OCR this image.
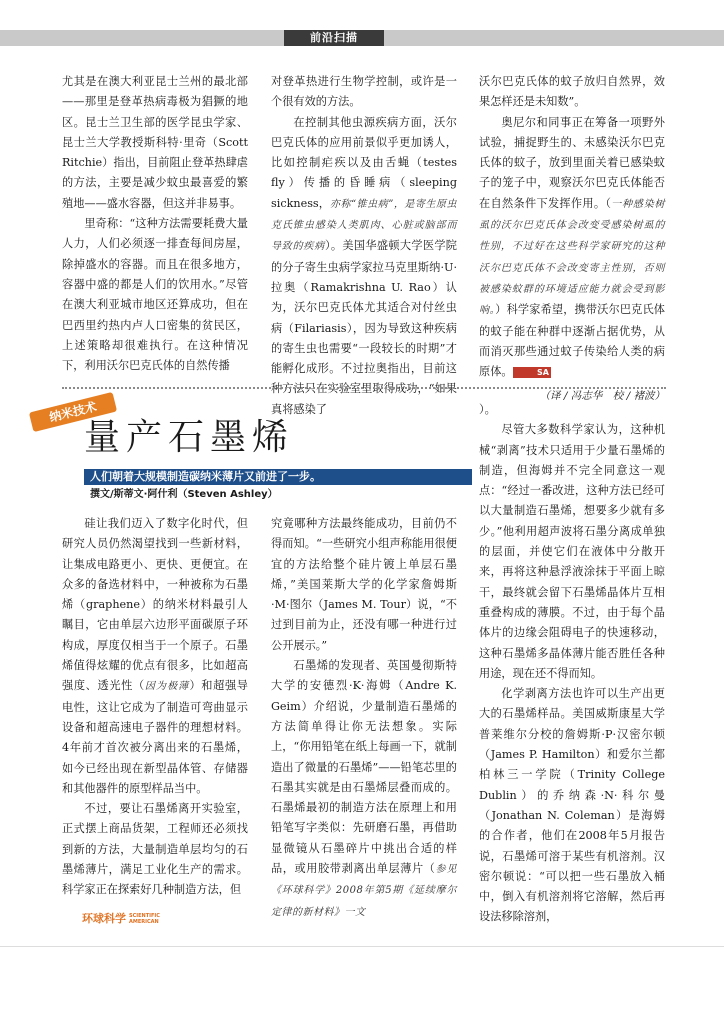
前沿扫描

尤其是在澳大利亚昆士兰州的最北部——那里是登革热病毒极为猖獗的地区。昆士兰卫生部的医学昆虫学家、昆士兰大学教授斯科特·里奇（Scott Ritchie）指出，目前阻止登革热肆虐的方法，主要是减少蚊虫最喜爱的繁殖地——盛水容器，但这并非易事。

里奇称：“这种方法需要耗费大量人力，人们必须逐一排查每间房屋，除掉盛水的容器。而且在很多地方，容器中盛的都是人们的饮用水。”尽管在澳大利亚城市地区还算成功，但在巴西里约热内卢人口密集的贫民区，上述策略却很难执行。在这种情况下，利用沃尔巴克氏体的自然传播

对登革热进行生物学控制，或许是一个很有效的方法。

在控制其他虫源疾病方面，沃尔巴克氏体的应用前景似乎更加诱人，比如控制疟疾以及由舌蝇（testes fly）传播的昏睡病（sleeping sickness，亦称“锥虫病”，是寄生原虫克氏锥虫感染人类肌肉、心脏或脑部而导致的疾病）。美国华盛顿大学医学院的分子寄生虫病学家拉马克里斯纳·U·拉奥（Ramakrishna U. Rao）认为，沃尔巴克氏体尤其适合对付丝虫病（Filariasis），因为导致这种疾病的寄生虫也需要“一段较长的时期”才能孵化成形。不过拉奥指出，目前这种方法只在实验室里取得成功，“如果真将感染了

沃尔巴克氏体的蚊子放归自然界，效果怎样还是未知数”。

奥尼尔和同事正在筹备一项野外试验，捕捉野生的、未感染沃尔巴克氏体的蚊子，放到里面关着已感染蚊子的笼子中，观察沃尔巴克氏体能否在自然条件下发挥作用。（一种感染树虱的沃尔巴克氏体会改变受感染树虱的性别，不过好在这些科学家研究的这种沃尔巴克氏体不会改变寄主性别，否则被感染蚊群的环境适应能力就会受到影响。）科学家希望，携带沃尔巴克氏体的蚊子能在种群中逐渐占据优势，从而消灭那些通过蚊子传染给人类的病原体。	SA

（译 / 冯志华　校 / 褚波）
纳米技术
量产石墨烯
人们朝着大规模制造碳纳米薄片又前进了一步。
撰文/斯蒂文·阿什利（Steven Ashley）

硅让我们迈入了数字化时代，但研究人员仍然渴望找到一些新材料，让集成电路更小、更快、更便宜。在众多的备选材料中，一种被称为石墨烯（graphene）的纳米材料最引人瞩目，它由单层六边形平面碳原子环构成，厚度仅相当于一个原子。石墨烯值得炫耀的优点有很多，比如超高强度、透光性（因为极薄）和超强导电性，这让它成为了制造可弯曲显示设备和超高速电子器件的理想材料。4年前才首次被分离出来的石墨烯，如今已经出现在新型晶体管、存储器和其他器件的原型样品当中。

不过，要让石墨烯离开实验室，正式摆上商品货架，工程师还必须找到新的方法，大量制造单层均匀的石墨烯薄片，满足工业化生产的需求。科学家正在探索好几种制造方法，但

究竟哪种方法最终能成功，目前仍不得而知。“一些研究小组声称能用很便宜的方法给整个硅片镀上单层石墨烯，”美国莱斯大学的化学家詹姆斯·M·图尔（James M. Tour）说，“不过到目前为止，还没有哪一种进行过公开展示。”

石墨烯的发现者、英国曼彻斯特大学的安德烈·K·海姆（Andre K. Geim）介绍说，少量制造石墨烯的方法简单得让你无法想象。实际上，“你用铅笔在纸上每画一下，就制造出了微量的石墨烯”——铅笔芯里的石墨其实就是由石墨烯层叠而成的。石墨烯最初的制造方法在原理上和用铅笔写字类似：先研磨石墨，再借助显微镜从石墨碎片中挑出合适的样品，或用胶带剥离出单层薄片（参见《环球科学》2008年第5期《延续摩尔定律的新材料》一文

）。

尽管大多数科学家认为，这种机械“剥离”技术只适用于少量石墨烯的制造，但海姆并不完全同意这一观点：“经过一番改进，这种方法已经可以大量制造石墨烯，想要多少就有多少。”他利用超声波将石墨分离成单独的层面，并使它们在液体中分散开来，再将这种悬浮液涂抹于平面上晾干，最终就会留下石墨烯晶体片互相重叠构成的薄膜。不过，由于每个晶体片的边缘会阻碍电子的快速移动，这种石墨烯多晶体薄片能否胜任各种用途，现在还不得而知。

化学剥离方法也许可以生产出更大的石墨烯样品。美国威斯康星大学普莱维尔分校的詹姆斯·P·汉密尔顿（James P. Hamilton）和爱尔兰都柏林三一学院（Trinity College Dublin）的乔纳森·N·科尔曼（Jonathan N. Coleman）是海姆的合作者，他们在2008年5月报告说，石墨烯可溶于某些有机溶剂。汉密尔顿说：“可以把一些石墨放入桶中，倒入有机溶剂将它溶解，然后再设法移除溶剂，

环球科学 SCIENTIFIC
AMERICAN
